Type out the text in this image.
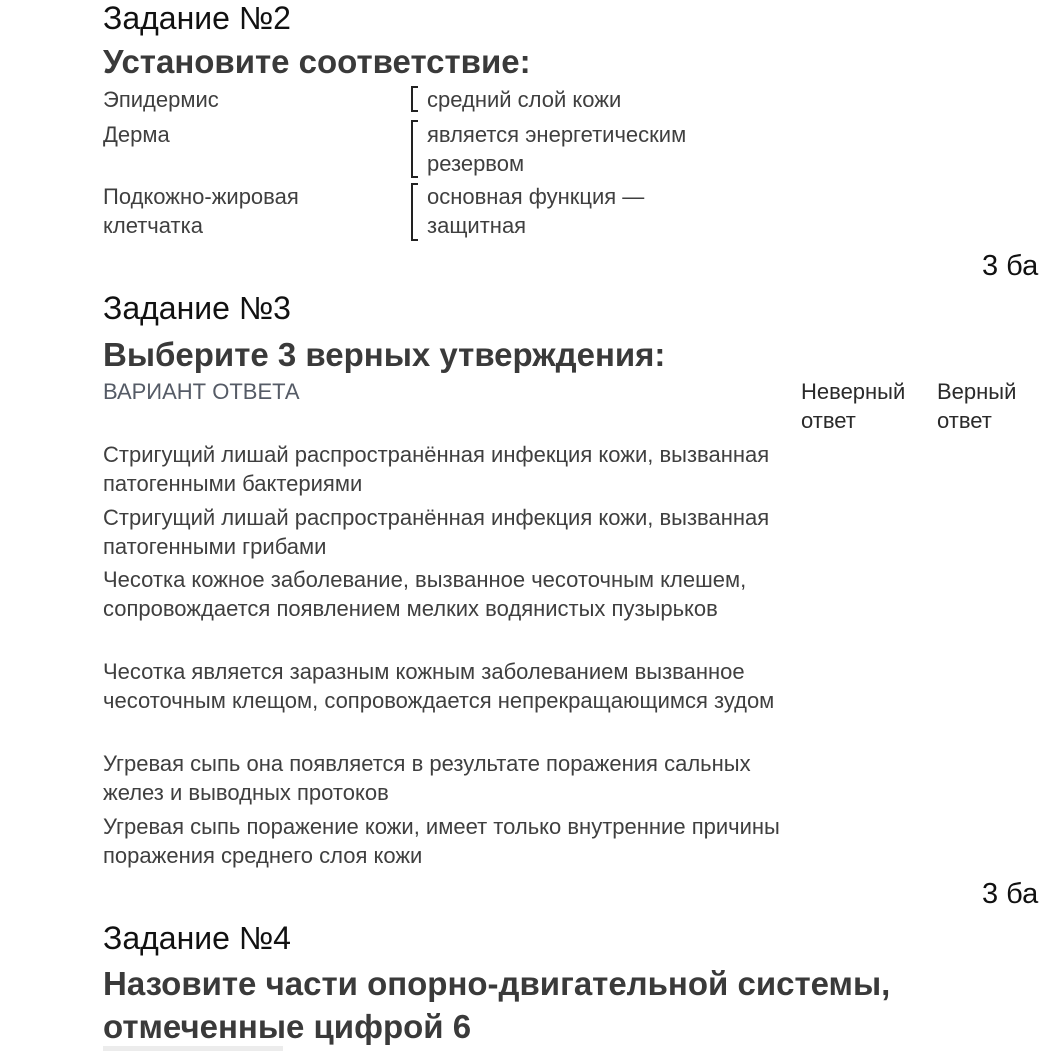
Задание №2
Установите соответствие:
Эпидермис
Дерма
Подкожно-жировая
клетчатка
средний слой кожи
является энергетическим
резервом
основная функция —
защитная
3 ба
Задание №3
Выберите 3 верных утверждения:
ВАРИАНТ ОТВЕТА	Неверный
ответ
Верный
ответ
Стригущий лишай распространённая инфекция кожи, вызванная патогенными бактериями
Стригущий лишай распространённая инфекция кожи, вызванная патогенными грибами
Чесотка кожное заболевание, вызванное чесоточным клешем, сопровождается появлением мелких водянистых пузырьков
Чесотка является заразным кожным заболеванием вызванное чесоточным клещом, сопровождается непрекращающимся зудом
Угревая сыпь она появляется в результате поражения сальных желез и выводных протоков
Угревая сыпь поражение кожи, имеет только внутренние причины поражения среднего слоя кожи
3 ба
Задание №4
Назовите части опорно-двигательной системы,
отмеченные цифрой 6
